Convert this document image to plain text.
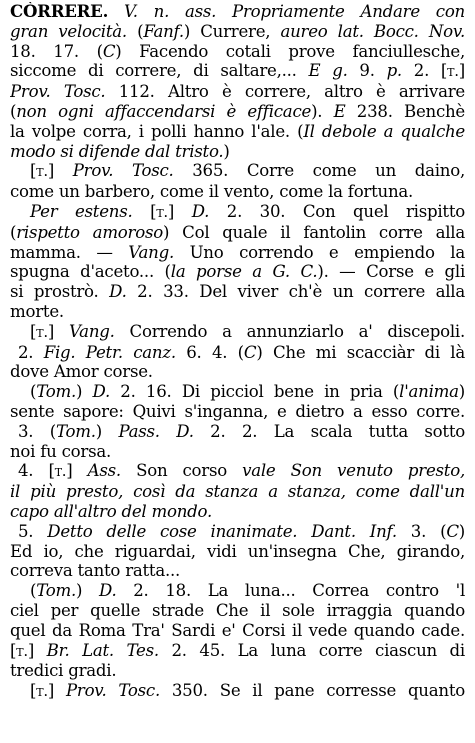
CÒRRERE. V. n. ass. Propriamente Andare con
gran velocità. (Fanf.) Currere, aureo lat. Bocc. Nov.
18. 17. (C) Facendo cotali prove fanciullesche,
siccome di correre, di saltare,... E g. 9. p. 2. [t.]
Prov. Tosc. 112. Altro è correre, altro è arrivare
(non ogni affaccendarsi è efficace). E 238. Benchè
la volpe corra, i polli hanno l'ale. (Il debole a qualche
modo si difende dal tristo.)
[t.] Prov. Tosc. 365. Corre come un daino,
come un barbero, come il vento, come la fortuna.
Per estens. [t.] D. 2. 30. Con quel rispitto
(rispetto amoroso) Col quale il fantolin corre alla
mamma. — Vang. Uno correndo e empiendo la
spugna d'aceto... (la porse a G. C.). — Corse e gli
si prostrò. D. 2. 33. Del viver ch'è un correre alla
morte.
[t.] Vang. Correndo a annunziarlo a' discepoli.
2. Fig. Petr. canz. 6. 4. (C) Che mi scacciàr di là
dove Amor corse.
(Tom.) D. 2. 16. Di picciol bene in pria (l'anima)
sente sapore: Quivi s'inganna, e dietro a esso corre.
3. (Tom.) Pass. D. 2. 2. La scala tutta sotto
noi fu corsa.
4. [t.] Ass. Son corso vale Son venuto presto,
il più presto, così da stanza a stanza, come dall'un
capo all'altro del mondo.
5. Detto delle cose inanimate. Dant. Inf. 3. (C)
Ed io, che riguardai, vidi un'insegna Che, girando,
correva tanto ratta...
(Tom.) D. 2. 18. La luna... Correa contro 'l
ciel per quelle strade Che il sole irraggia quando
quel da Roma Tra' Sardi e' Corsi il vede quando cade.
[t.] Br. Lat. Tes. 2. 45. La luna corre ciascun di
tredici gradi.
[t.] Prov. Tosc. 350. Se il pane corresse quanto
